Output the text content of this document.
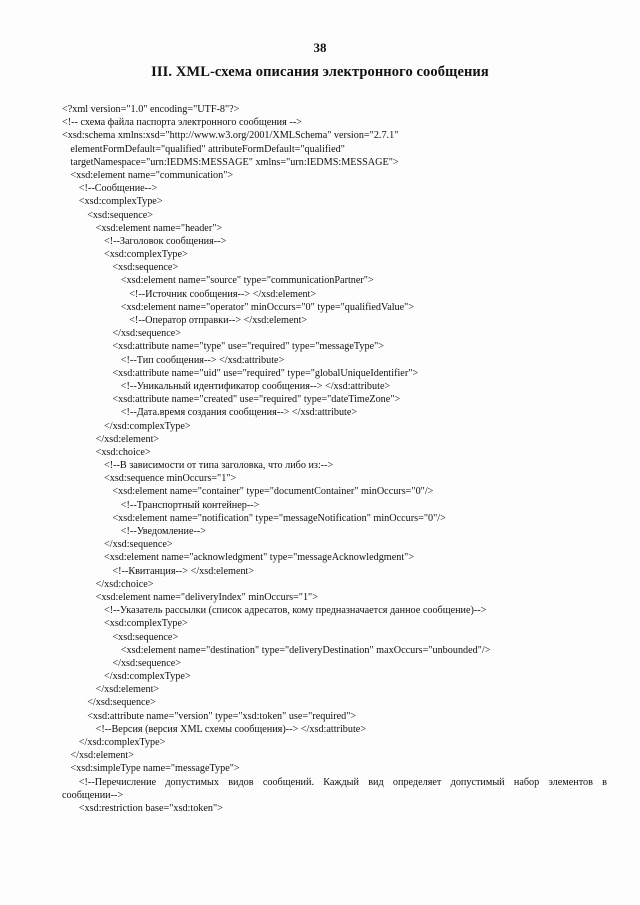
38
III. XML-схема описания электронного сообщения
<?xml version="1.0" encoding="UTF-8"?>
<!-- схема файла паспорта электронного сообщения -->
<xsd:schema xmlns:xsd="http://www.w3.org/2001/XMLSchema" version="2.7.1"
elementFormDefault="qualified" attributeFormDefault="qualified"
targetNamespace="urn:IEDMS:MESSAGE" xmlns="urn:IEDMS:MESSAGE">
<xsd:element name="communication">
<!--Сообщение-->
<xsd:complexType>
<xsd:sequence>
<xsd:element name="header">
<!--Заголовок сообщения-->
<xsd:complexType>
<xsd:sequence>
<xsd:element name="source" type="communicationPartner">
<!--Источник сообщения--> </xsd:element>
<xsd:element name="operator" minOccurs="0" type="qualifiedValue">
<!--Оператор отправки--> </xsd:element>
</xsd:sequence>
<xsd:attribute name="type" use="required" type="messageType">
<!--Тип сообщения--> </xsd:attribute>
<xsd:attribute name="uid" use="required" type="globalUniqueIdentifier">
<!--Уникальный идентификатор сообщения--> </xsd:attribute>
<xsd:attribute name="created" use="required" type="dateTimeZone">
<!--Дата.время создания сообщения--> </xsd:attribute>
</xsd:complexType>
</xsd:element>
<xsd:choice>
<!--В зависимости от типа заголовка, что либо из:-->
<xsd:sequence minOccurs="1">
<xsd:element name="container" type="documentContainer" minOccurs="0"/>
<!--Транспортный контейнер-->
<xsd:element name="notification" type="messageNotification" minOccurs="0"/>
<!--Уведомление-->
</xsd:sequence>
<xsd:element name="acknowledgment" type="messageAcknowledgment">
<!--Квитанция--> </xsd:element>
</xsd:choice>
<xsd:element name="deliveryIndex" minOccurs="1">
<!--Указатель рассылки (список адресатов, кому предназначается данное сообщение)-->
<xsd:complexType>
<xsd:sequence>
<xsd:element name="destination" type="deliveryDestination" maxOccurs="unbounded"/>
</xsd:sequence>
</xsd:complexType>
</xsd:element>
</xsd:sequence>
<xsd:attribute name="version" type="xsd:token" use="required">
<!--Версия (версия XML схемы сообщения)--> </xsd:attribute>
</xsd:complexType>
</xsd:element>
<xsd:simpleType name="messageType">
<!--Перечисление допустимых видов сообщений. Каждый вид определяет допустимый набор элементов в
сообщении-->
<xsd:restriction base="xsd:token">
